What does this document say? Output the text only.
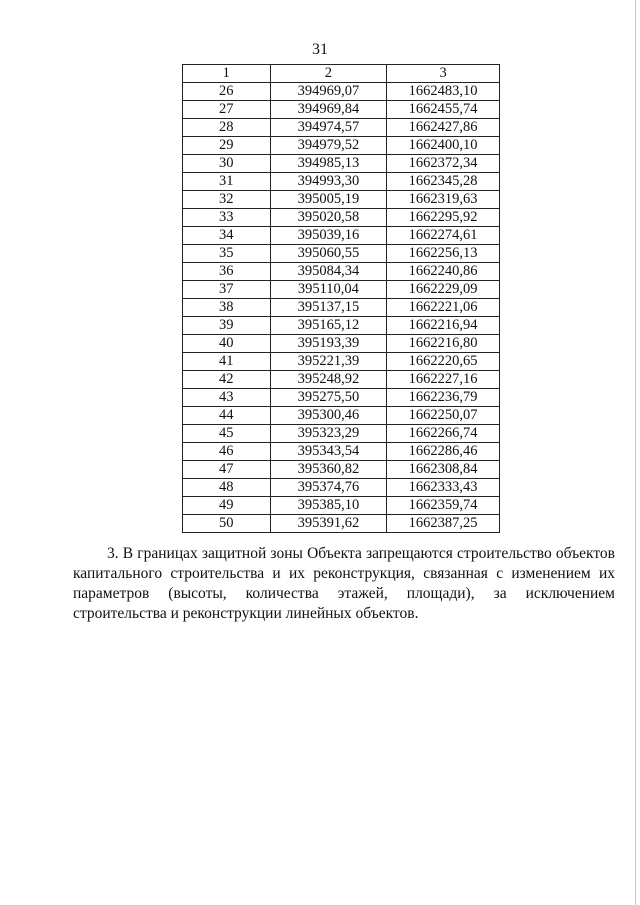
31
1	2	3
26	394969,07	1662483,10
27	394969,84	1662455,74
28	394974,57	1662427,86
29	394979,52	1662400,10
30	394985,13	1662372,34
31	394993,30	1662345,28
32	395005,19	1662319,63
33	395020,58	1662295,92
34	395039,16	1662274,61
35	395060,55	1662256,13
36	395084,34	1662240,86
37	395110,04	1662229,09
38	395137,15	1662221,06
39	395165,12	1662216,94
40	395193,39	1662216,80
41	395221,39	1662220,65
42	395248,92	1662227,16
43	395275,50	1662236,79
44	395300,46	1662250,07
45	395323,29	1662266,74
46	395343,54	1662286,46
47	395360,82	1662308,84
48	395374,76	1662333,43
49	395385,10	1662359,74
50	395391,62	1662387,25

3. В границах защитной зоны Объекта запрещаются строительство объектов капитального строительства и их реконструкция, связанная с изменением их параметров (высоты, количества этажей, площади), за исключением строительства и реконструкции линейных объектов.
